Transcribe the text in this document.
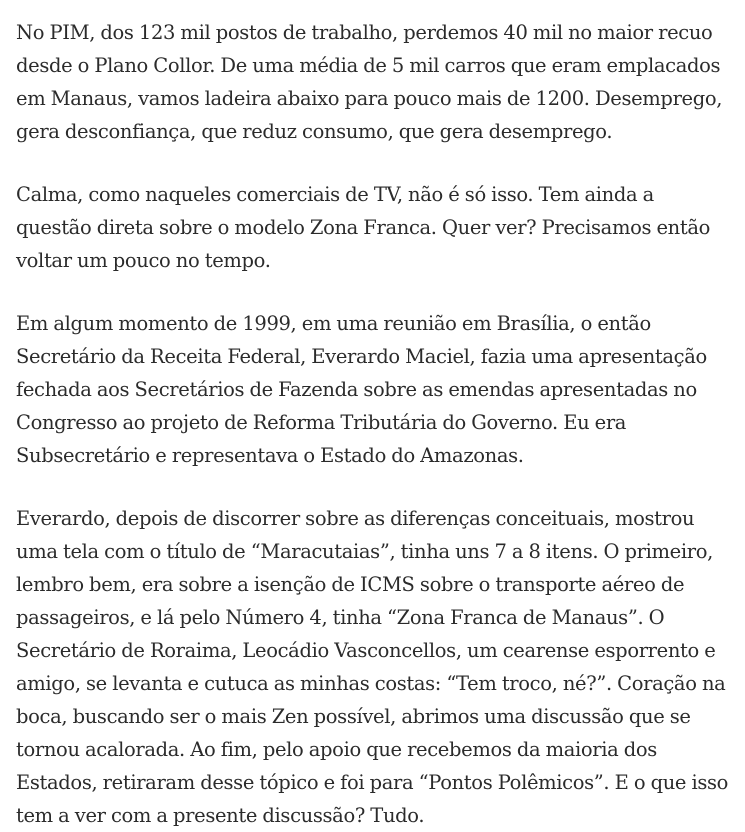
No PIM, dos 123 mil postos de trabalho, perdemos 40 mil no maior recuo desde o Plano Collor. De uma média de 5 mil carros que eram emplacados em Manaus, vamos ladeira abaixo para pouco mais de 1200. Desemprego, gera desconfiança, que reduz consumo, que gera desemprego.

Calma, como naqueles comerciais de TV, não é só isso. Tem ainda a questão direta sobre o modelo Zona Franca. Quer ver? Precisamos então voltar um pouco no tempo.

Em algum momento de 1999, em uma reunião em Brasília, o então Secretário da Receita Federal, Everardo Maciel, fazia uma apresentação fechada aos Secretários de Fazenda sobre as emendas apresentadas no Congresso ao projeto de Reforma Tributária do Governo. Eu era Subsecretário e representava o Estado do Amazonas.

Everardo, depois de discorrer sobre as diferenças conceituais, mostrou uma tela com o título de “Maracutaias”, tinha uns 7 a 8 itens. O primeiro, lembro bem, era sobre a isenção de ICMS sobre o transporte aéreo de passageiros, e lá pelo Número 4, tinha “Zona Franca de Manaus”. O Secretário de Roraima, Leocádio Vasconcellos, um cearense esporrento e amigo, se levanta e cutuca as minhas costas: “Tem troco, né?”. Coração na boca, buscando ser o mais Zen possível, abrimos uma discussão que se tornou acalorada. Ao fim, pelo apoio que recebemos da maioria dos Estados, retiraram desse tópico e foi para “Pontos Polêmicos”. E o que isso tem a ver com a presente discussão? Tudo.
